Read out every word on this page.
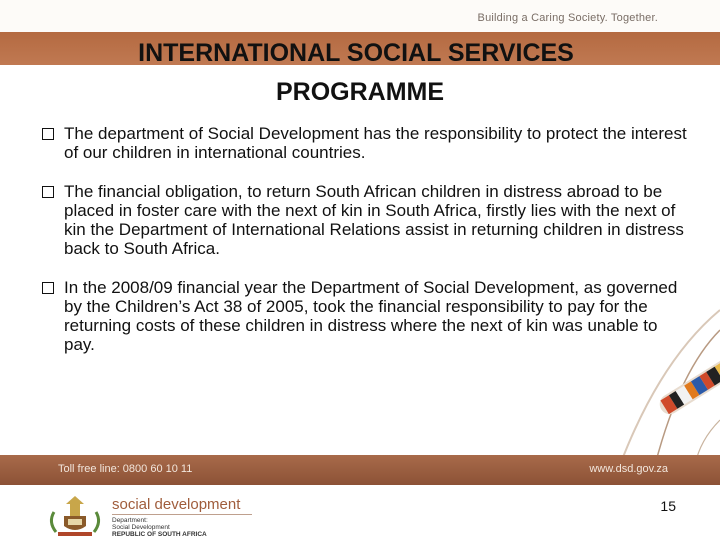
Building a Caring Society. Together.
INTERNATIONAL SOCIAL SERVICES
PROGRAMME
The department of Social Development has the responsibility to protect the interest of our children in international countries.
The financial obligation, to return South African children in distress abroad to be placed in foster care with the next of kin in South Africa, firstly lies with the next of kin the Department of International Relations assist in returning children in distress back to South Africa.
In the 2008/09 financial year the Department of Social Development, as governed by the Children’s Act 38 of 2005, took the financial responsibility to pay for the returning costs of these children in distress where the next of kin was unable to pay.
Toll free line: 0800 60 10 11	www.dsd.gov.za
social development
Department:
Social Development
REPUBLIC OF SOUTH AFRICA
15
